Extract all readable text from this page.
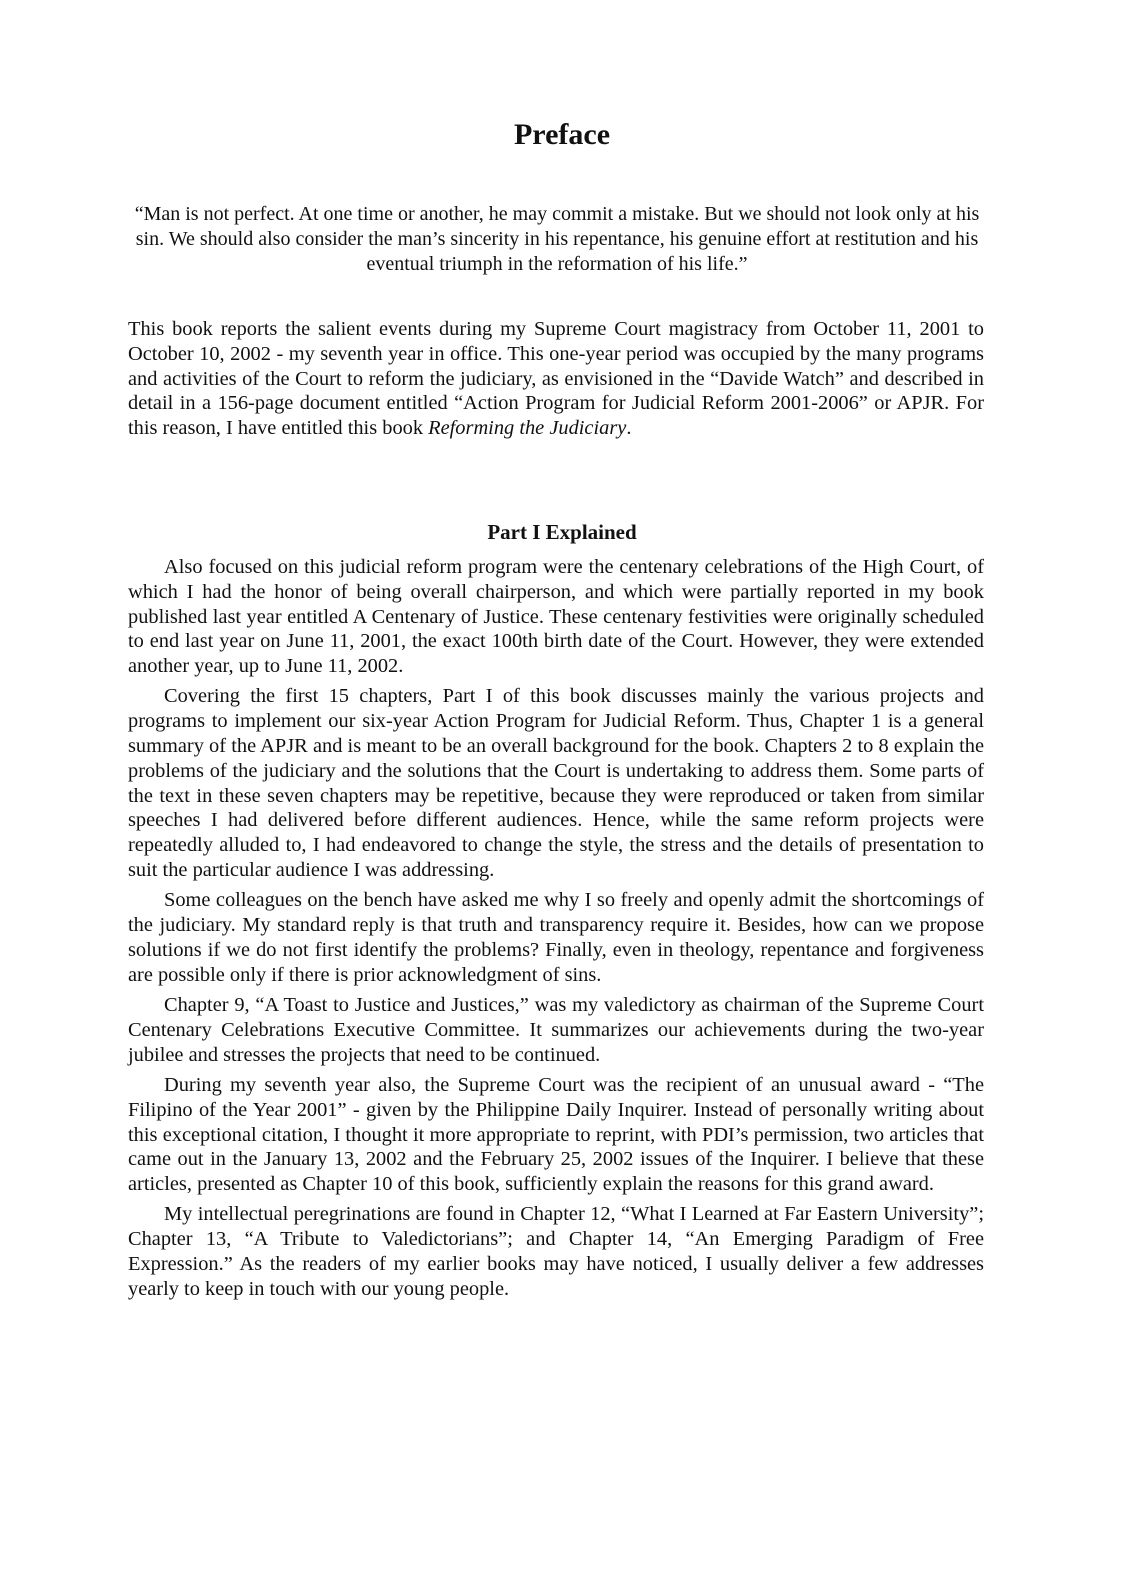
Preface

“Man is not perfect. At one time or another, he may commit a mistake. But we should not look only at his sin. We should also consider the man’s sincerity in his repentance, his genuine effort at restitution and his eventual triumph in the reformation of his life.”

This book reports the salient events during my Supreme Court magistracy from October 11, 2001 to October 10, 2002 - my seventh year in office. This one-year period was occupied by the many programs and activities of the Court to reform the judiciary, as envisioned in the “Davide Watch” and described in detail in a 156-page document entitled “Action Program for Judicial Reform 2001-2006” or APJR. For this reason, I have entitled this book Reforming the Judiciary.

Part I Explained

Also focused on this judicial reform program were the centenary celebrations of the High Court, of which I had the honor of being overall chairperson, and which were partially reported in my book published last year entitled A Centenary of Justice. These centenary festivities were originally scheduled to end last year on June 11, 2001, the exact 100th birth date of the Court. However, they were extended another year, up to June 11, 2002.

Covering the first 15 chapters, Part I of this book discusses mainly the various projects and programs to implement our six-year Action Program for Judicial Reform. Thus, Chapter 1 is a general summary of the APJR and is meant to be an overall background for the book. Chapters 2 to 8 explain the problems of the judiciary and the solutions that the Court is undertaking to address them. Some parts of the text in these seven chapters may be repetitive, because they were reproduced or taken from similar speeches I had delivered before different audiences. Hence, while the same reform projects were repeatedly alluded to, I had endeavored to change the style, the stress and the details of presentation to suit the particular audience I was addressing.

Some colleagues on the bench have asked me why I so freely and openly admit the shortcomings of the judiciary. My standard reply is that truth and transparency require it. Besides, how can we propose solutions if we do not first identify the problems? Finally, even in theology, repentance and forgiveness are possible only if there is prior acknowledgment of sins.

Chapter 9, “A Toast to Justice and Justices,” was my valedictory as chairman of the Supreme Court Centenary Celebrations Executive Committee. It summarizes our achievements during the two-year jubilee and stresses the projects that need to be continued.

During my seventh year also, the Supreme Court was the recipient of an unusual award - “The Filipino of the Year 2001” - given by the Philippine Daily Inquirer. Instead of personally writing about this exceptional citation, I thought it more appropriate to reprint, with PDI’s permission, two articles that came out in the January 13, 2002 and the February 25, 2002 issues of the Inquirer. I believe that these articles, presented as Chapter 10 of this book, sufficiently explain the reasons for this grand award.

My intellectual peregrinations are found in Chapter 12, “What I Learned at Far Eastern University”; Chapter 13, “A Tribute to Valedictorians”; and Chapter 14, “An Emerging Paradigm of Free Expression.” As the readers of my earlier books may have noticed, I usually deliver a few addresses yearly to keep in touch with our young people.
